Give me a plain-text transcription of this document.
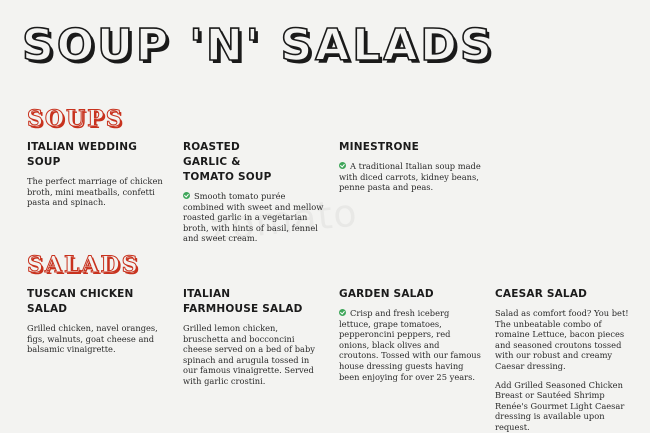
SOUP 'N' SALADS
SOUPS

ITALIAN WEDDING SOUP

The perfect marriage of chicken broth, mini meatballs, confetti pasta and spinach.

ROASTED GARLIC & TOMATO SOUP

Smooth tomato purée combined with sweet and mellow roasted garlic in a vegetarian broth, with hints of basil, fennel and sweet cream.

MINESTRONE

A traditional Italian soup made with diced carrots, kidney beans, penne pasta and peas.

SALADS

TUSCAN CHICKEN SALAD

Grilled chicken, navel oranges, figs, walnuts, goat cheese and balsamic vinaigrette.

ITALIAN FARMHOUSE SALAD

Grilled lemon chicken, bruschetta and bocconcini cheese served on a bed of baby spinach and arugula tossed in our famous vinaigrette. Served with garlic crostini.

GARDEN SALAD

Crisp and fresh iceberg lettuce, grape tomatoes, pepperoncini peppers, red onions, black olives and croutons. Tossed with our famous house dressing guests having been enjoying for over 25 years.

CAESAR SALAD

Salad as comfort food? You bet! The unbeatable combo of romaine Lettuce, bacon pieces and seasoned croutons tossed with our robust and creamy Caesar dressing.

Add Grilled Seasoned Chicken Breast or Sautéed Shrimp Renée's Gourmet Light Caesar dressing is available upon request.
